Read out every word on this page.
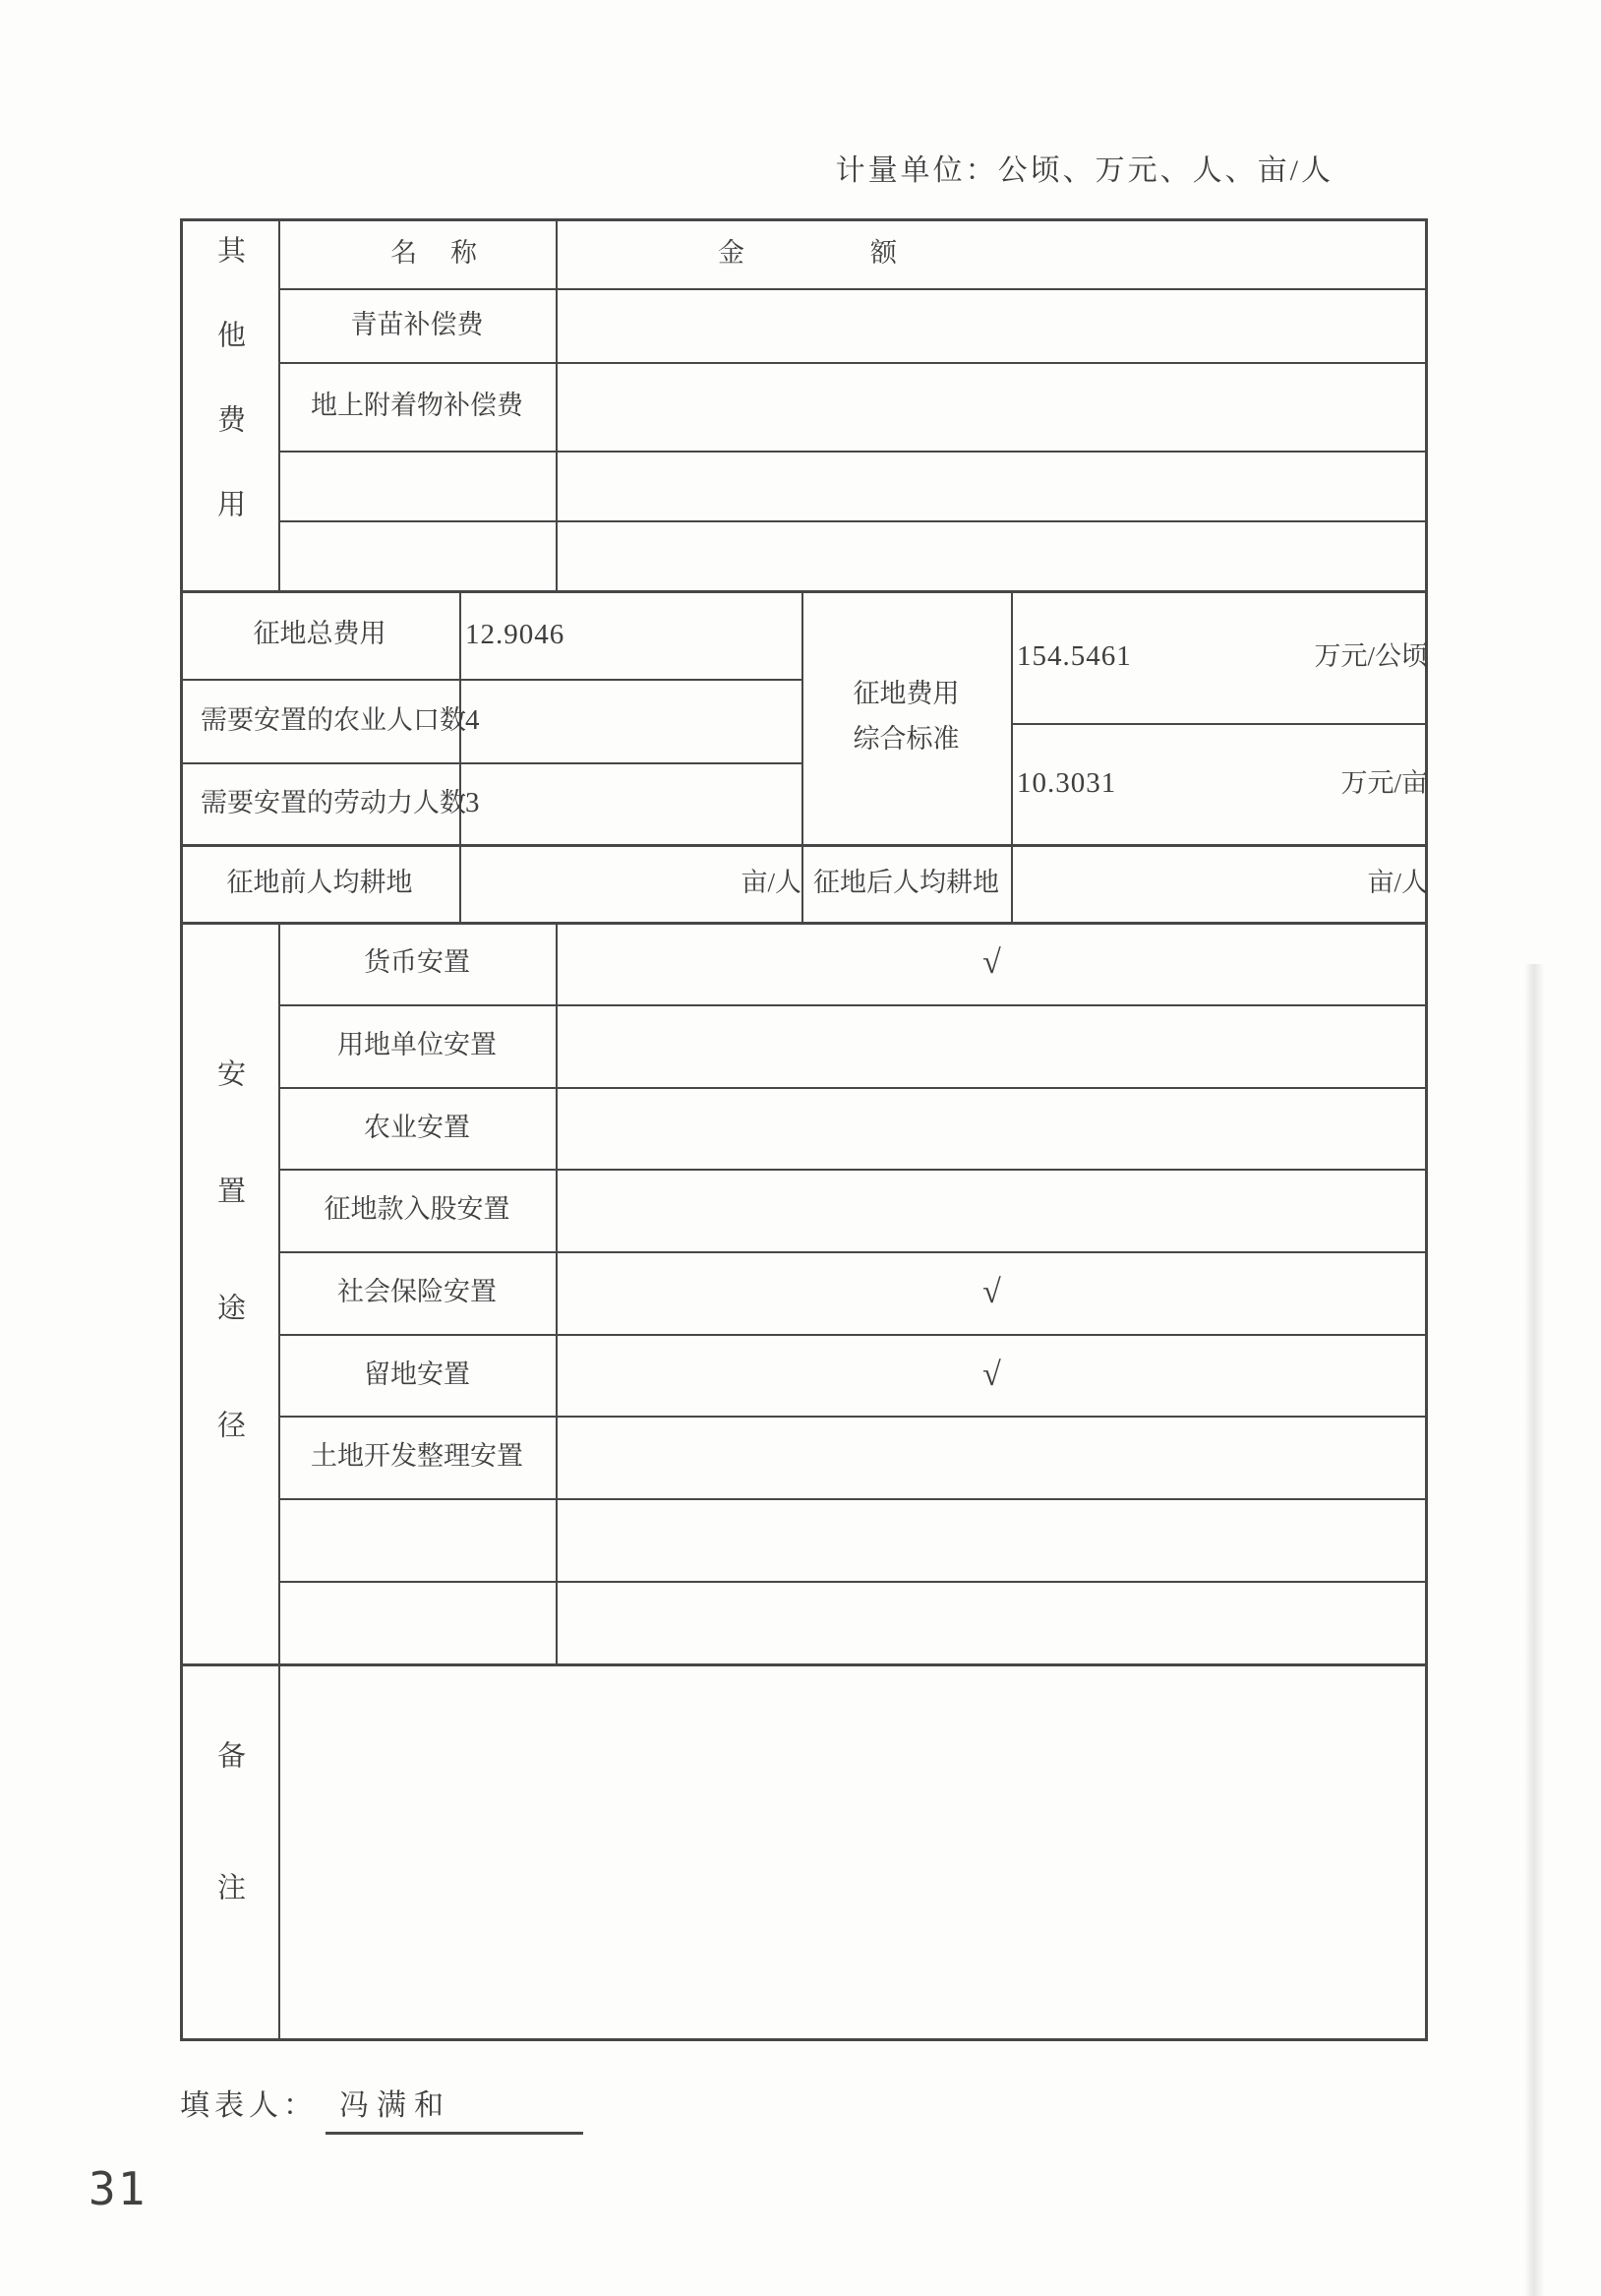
计量单位：公顷、万元、人、亩/人
其他费用	名称	金额
青苗补偿费
地上附着物补偿费
征地总费用	12.9046
需要安置的农业人口数 4
需要安置的劳动力人数 3
征地费用综合标准
154.5461	万元/公顷
10.3031	万元/亩
征地前人均耕地	亩/人 征地后人均耕地	亩/人
安置途径
货币安置	√
用地单位安置
农业安置
征地款入股安置
社会保险安置	√
留地安置	√
土地开发整理安置
备注
填表人： 冯满和
31
